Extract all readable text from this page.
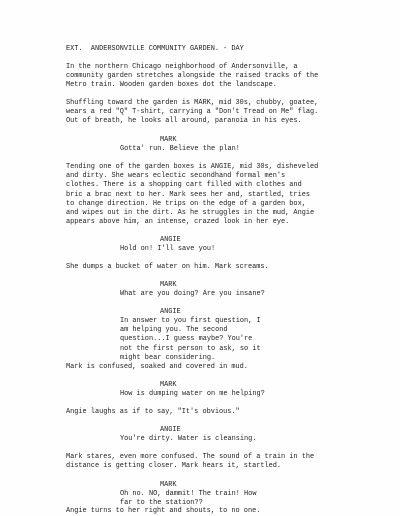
EXT.  ANDERSONVILLE COMMUNITY GARDEN. - DAY
In the northern Chicago neighborhood of Andersonville, a
community garden stretches alongside the raised tracks of the
Metro train. Wooden garden boxes dot the landscape.
Shuffling toward the garden is MARK, mid 30s, chubby, goatee,
wears a red "Q" T-shirt, carrying a "Don't Tread on Me" flag.
Out of breath, he looks all around, paranoia in his eyes.
MARK
Gotta' run. Believe the plan!
Tending one of the garden boxes is ANGIE, mid 30s, disheveled
and dirty. She wears eclectic secondhand formal men's
clothes. There is a shopping cart filled with clothes and
bric a brac next to her. Mark sees her and, startled, tries
to change direction. He trips on the edge of a garden box,
and wipes out in the dirt. As he struggles in the mud, Angie
appears above him, an intense, crazed look in her eye.
ANGIE
Hold on! I'll save you!
She dumps a bucket of water on him. Mark screams.
MARK
What are you doing? Are you insane?
ANGIE
In answer to you first question, I
am helping you. The second
question...I guess maybe? You're
not the first person to ask, so it
might bear considering.
Mark is confused, soaked and covered in mud.
MARK
How is dumping water on me helping?
Angie laughs as if to say, "It's obvious."
ANGIE
You're dirty. Water is cleansing.
Mark stares, even more confused. The sound of a train in the
distance is getting closer. Mark hears it, startled.
MARK
Oh no. NO, dammit! The train! How
far to the station??
Angie turns to her right and shouts, to no one.
